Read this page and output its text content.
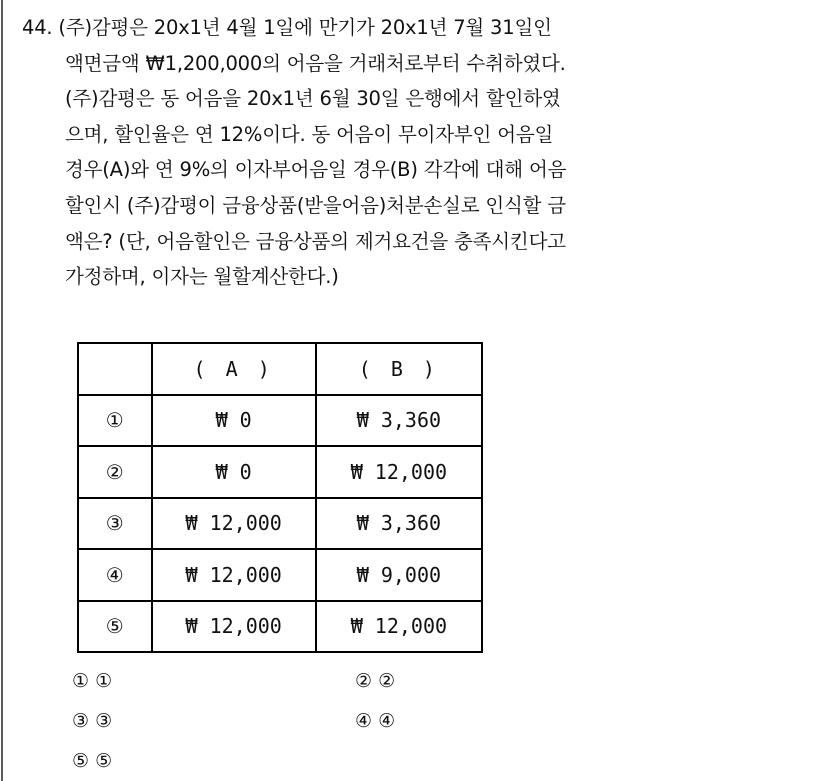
44. (주)감평은 20x1년 4월 1일에 만기가 20x1년 7월 31일인
액면금액 ₩1,200,000의 어음을 거래처로부터 수취하였다.
(주)감평은 동 어음을 20x1년 6월 30일 은행에서 할인하였
으며, 할인율은 연 12%이다. 동 어음이 무이자부인 어음일
경우(A)와 연 9%의 이자부어음일 경우(B) 각각에 대해 어음
할인시 (주)감평이 금융상품(받을어음)처분손실로 인식할 금
액은? (단, 어음할인은 금융상품의 제거요건을 충족시킨다고
가정하며, 이자는 월할계산한다.)
	( A )	( B )
①	₩ 0	₩ 3,360
②	₩ 0	₩ 12,000
③	₩ 12,000	₩ 3,360
④	₩ 12,000	₩ 9,000
⑤	₩ 12,000	₩ 12,000
① ①	② ②
③ ③	④ ④
⑤ ⑤
